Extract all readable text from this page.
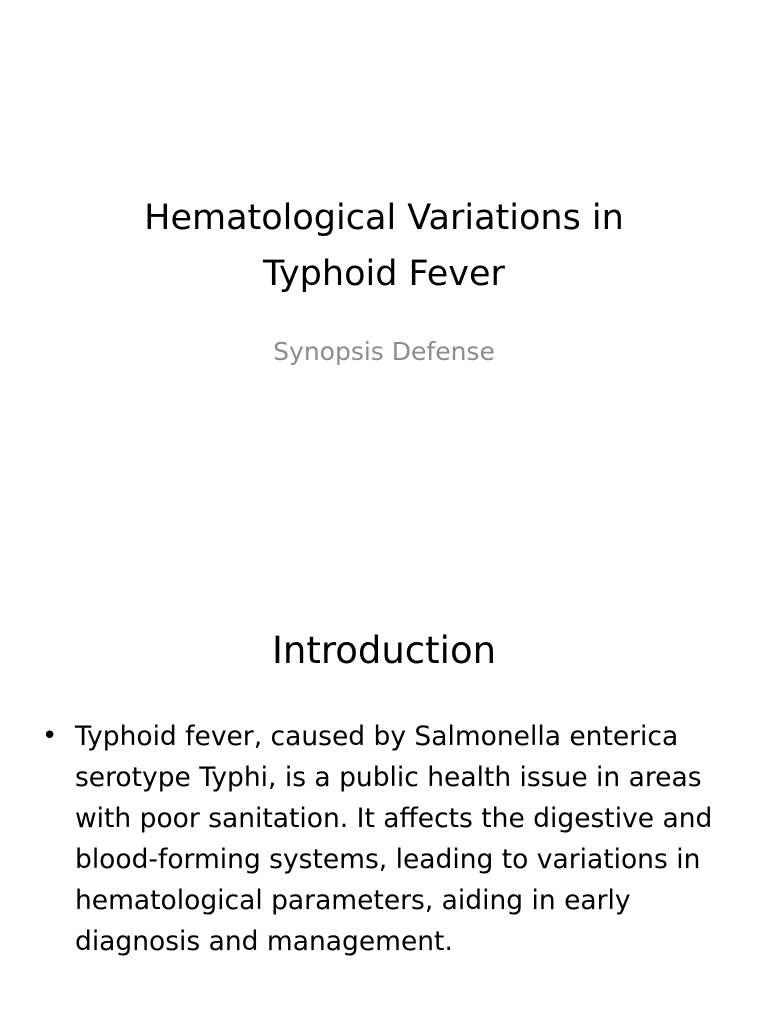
Hematological Variations in
Typhoid Fever

Synopsis Defense

Introduction
• Typhoid fever, caused by Salmonella enterica serotype Typhi, is a public health issue in areas with poor sanitation. It affects the digestive and blood-forming systems, leading to variations in hematological parameters, aiding in early diagnosis and management.
